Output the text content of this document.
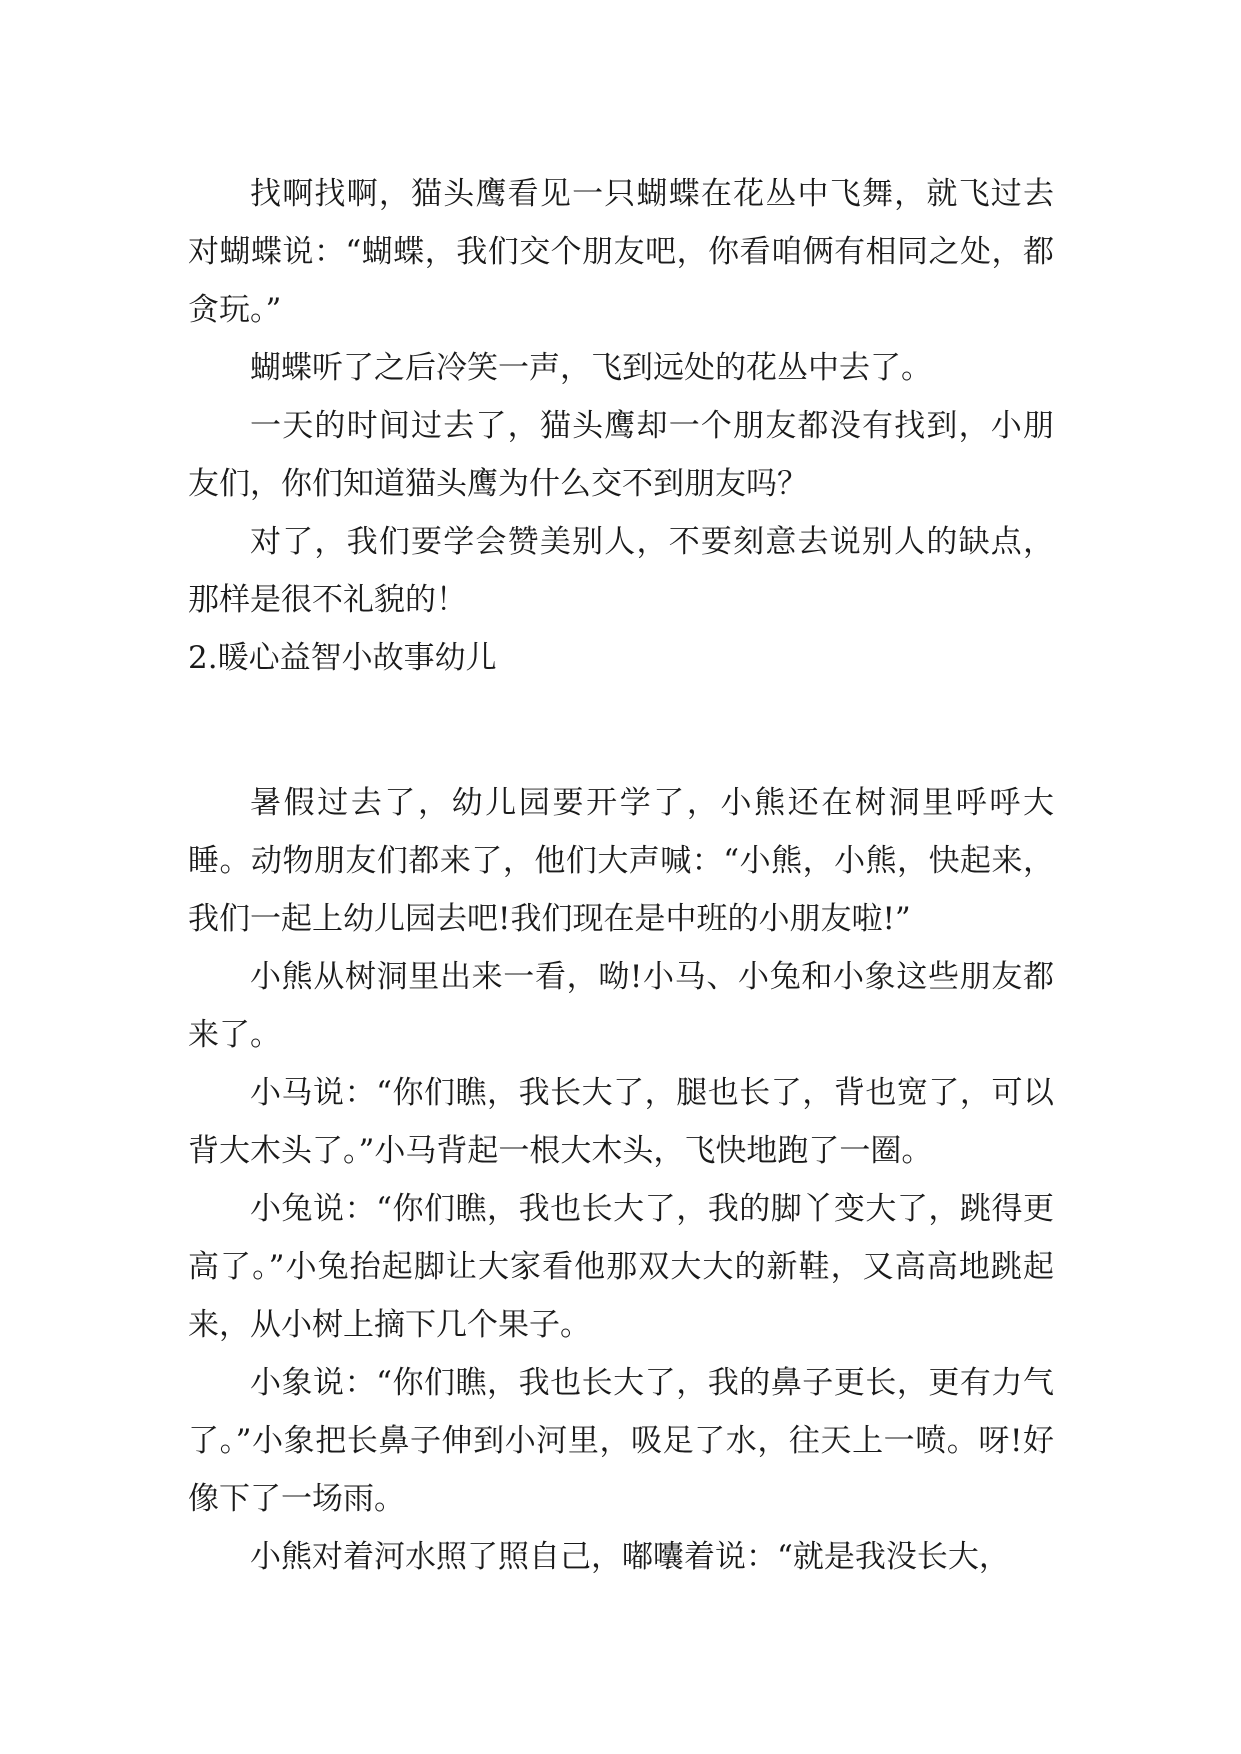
找啊找啊，猫头鹰看见一只蝴蝶在花丛中飞舞，就飞过去对蝴蝶说：“蝴蝶，我们交个朋友吧，你看咱俩有相同之处，都贪玩。”

蝴蝶听了之后冷笑一声，飞到远处的花丛中去了。

一天的时间过去了，猫头鹰却一个朋友都没有找到，小朋友们，你们知道猫头鹰为什么交不到朋友吗？

对了，我们要学会赞美别人，不要刻意去说别人的缺点，那样是很不礼貌的！

2.暖心益智小故事幼儿

暑假过去了，幼儿园要开学了，小熊还在树洞里呼呼大睡。动物朋友们都来了，他们大声喊：“小熊，小熊，快起来，我们一起上幼儿园去吧!我们现在是中班的小朋友啦!”

小熊从树洞里出来一看，呦!小马、小兔和小象这些朋友都来了。

小马说：“你们瞧，我长大了，腿也长了，背也宽了，可以背大木头了。”小马背起一根大木头，飞快地跑了一圈。

小兔说：“你们瞧，我也长大了，我的脚丫变大了，跳得更高了。”小兔抬起脚让大家看他那双大大的新鞋，又高高地跳起来，从小树上摘下几个果子。

小象说：“你们瞧，我也长大了，我的鼻子更长，更有力气了。”小象把长鼻子伸到小河里，吸足了水，往天上一喷。呀!好像下了一场雨。

小熊对着河水照了照自己，嘟囔着说：“就是我没长大，
